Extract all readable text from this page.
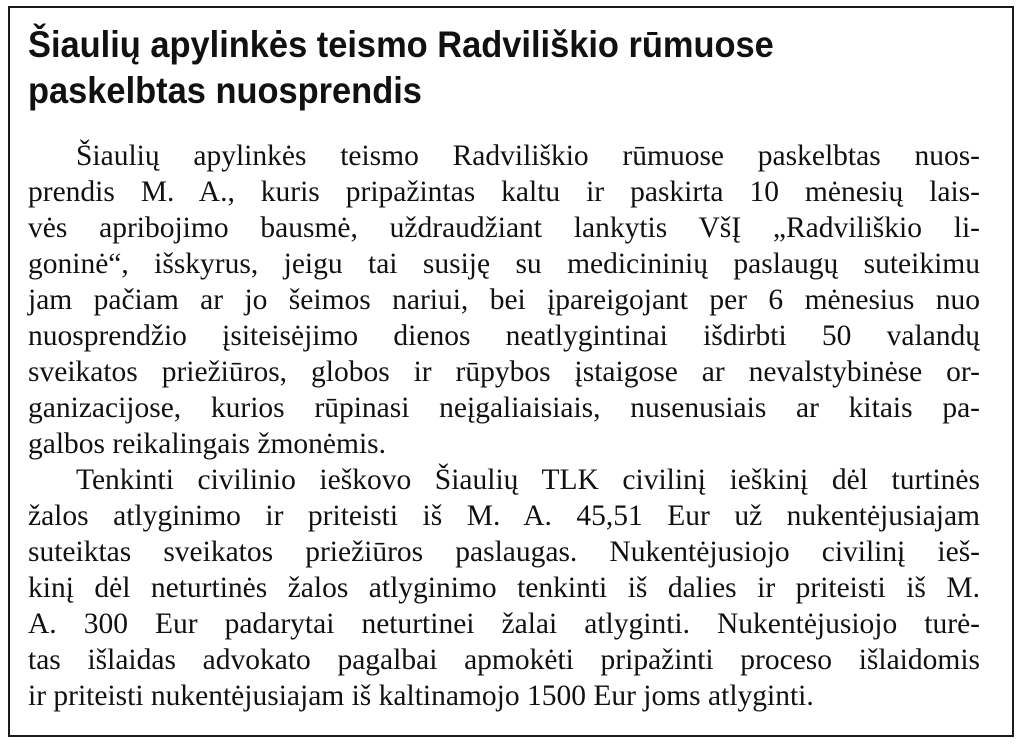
Šiaulių apylinkės teismo Radviliškio rūmuose
paskelbtas nuosprendis

Šiaulių apylinkės teismo Radviliškio rūmuose paskelbtas nuos-

prendis M. A., kuris pripažintas kaltu ir paskirta 10 mėnesių lais-

vės apribojimo bausmė, uždraudžiant lankytis VšĮ „Radviliškio li-

goninė“, išskyrus, jeigu tai susiję su medicininių paslaugų suteikimu

jam pačiam ar jo šeimos nariui, bei įpareigojant per 6 mėnesius nuo

nuosprendžio įsiteisėjimo dienos neatlygintinai išdirbti 50 valandų

sveikatos priežiūros, globos ir rūpybos įstaigose ar nevalstybinėse or-

ganizacijose, kurios rūpinasi neįgaliaisiais, nusenusiais ar kitais pa-

galbos reikalingais žmonėmis.

Tenkinti civilinio ieškovo Šiaulių TLK civilinį ieškinį dėl turtinės

žalos atlyginimo ir priteisti iš M. A. 45,51 Eur už nukentėjusiajam

suteiktas sveikatos priežiūros paslaugas. Nukentėjusiojo civilinį ieš-

kinį dėl neturtinės žalos atlyginimo tenkinti iš dalies ir priteisti iš M.

A. 300 Eur padarytai neturtinei žalai atlyginti. Nukentėjusiojo turė-

tas išlaidas advokato pagalbai apmokėti pripažinti proceso išlaidomis

ir priteisti nukentėjusiajam iš kaltinamojo 1500 Eur joms atlyginti.
